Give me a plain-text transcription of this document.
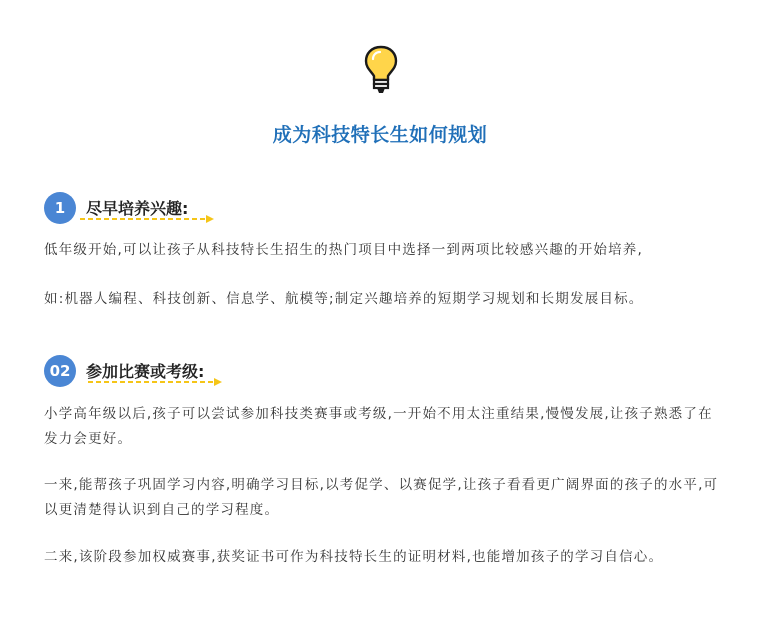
成为科技特长生如何规划
1	尽早培养兴趣:
低年级开始,可以让孩子从科技特长生招生的热门项目中选择一到两项比较感兴趣的开始培养,
如:机器人编程、科技创新、信息学、航模等;制定兴趣培养的短期学习规划和长期发展目标。
02 参加比赛或考级:
小学高年级以后,孩子可以尝试参加科技类赛事或考级,一开始不用太注重结果,慢慢发展,让孩子熟悉了在发力会更好。
一来,能帮孩子巩固学习内容,明确学习目标,以考促学、以赛促学,让孩子看看更广阔界面的孩子的水平,可以更清楚得认识到自己的学习程度。
二来,该阶段参加权威赛事,获奖证书可作为科技特长生的证明材料,也能增加孩子的学习自信心。
